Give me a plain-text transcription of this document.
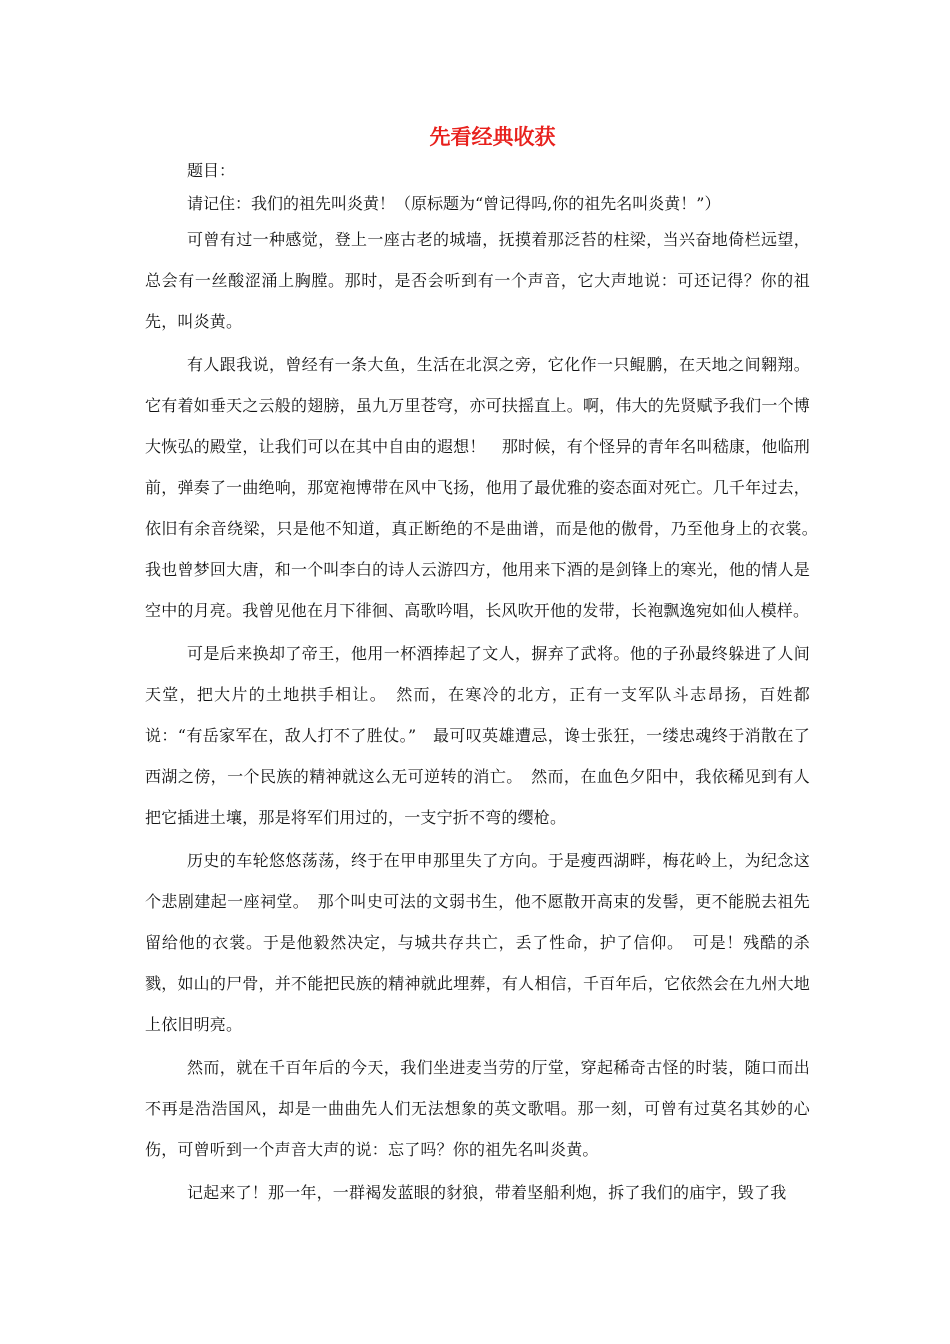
先看经典收获

题目：

请记住：我们的祖先叫炎黄！（原标题为“曾记得吗,你的祖先名叫炎黄！”）

可曾有过一种感觉，登上一座古老的城墙，抚摸着那泛苔的柱梁，当兴奋地倚栏远望，总会有一丝酸涩涌上胸膛。那时，是否会听到有一个声音，它大声地说：可还记得？你的祖先，叫炎黄。

有人跟我说，曾经有一条大鱼，生活在北溟之旁，它化作一只鲲鹏，在天地之间翱翔。它有着如垂天之云般的翅膀，虽九万里苍穹，亦可扶摇直上。啊，伟大的先贤赋予我们一个博大恢弘的殿堂，让我们可以在其中自由的遐想！　那时候，有个怪异的青年名叫嵇康，他临刑前，弹奏了一曲绝响，那宽袍博带在风中飞扬，他用了最优雅的姿态面对死亡。几千年过去，依旧有余音绕梁，只是他不知道，真正断绝的不是曲谱，而是他的傲骨，乃至他身上的衣裳。　我也曾梦回大唐，和一个叫李白的诗人云游四方，他用来下酒的是剑锋上的寒光，他的情人是空中的月亮。我曾见他在月下徘徊、高歌吟唱，长风吹开他的发带，长袍飘逸宛如仙人模样。

可是后来换却了帝王，他用一杯酒捧起了文人，摒弃了武将。他的子孙最终躲进了人间天堂，把大片的土地拱手相让。　然而，在寒冷的北方，正有一支军队斗志昂扬，百姓都说：“有岳家军在，敌人打不了胜仗。”　最可叹英雄遭忌，谗士张狂，一缕忠魂终于消散在了西湖之傍，一个民族的精神就这么无可逆转的消亡。　然而，在血色夕阳中，我依稀见到有人把它插进土壤，那是将军们用过的，一支宁折不弯的缨枪。

历史的车轮悠悠荡荡，终于在甲申那里失了方向。于是瘦西湖畔，梅花岭上，为纪念这个悲剧建起一座祠堂。　那个叫史可法的文弱书生，他不愿散开高束的发髻，更不能脱去祖先留给他的衣裳。于是他毅然决定，与城共存共亡，丢了性命，护了信仰。　可是！残酷的杀戮，如山的尸骨，并不能把民族的精神就此埋葬，有人相信，千百年后，它依然会在九州大地上依旧明亮。

然而，就在千百年后的今天，我们坐进麦当劳的厅堂，穿起稀奇古怪的时装，随口而出不再是浩浩国风，却是一曲曲先人们无法想象的英文歌唱。那一刻，可曾有过莫名其妙的心伤，可曾听到一个声音大声的说：忘了吗？你的祖先名叫炎黄。

记起来了！那一年，一群褐发蓝眼的豺狼，带着坚船利炮，拆了我们的庙宇，毁了我
